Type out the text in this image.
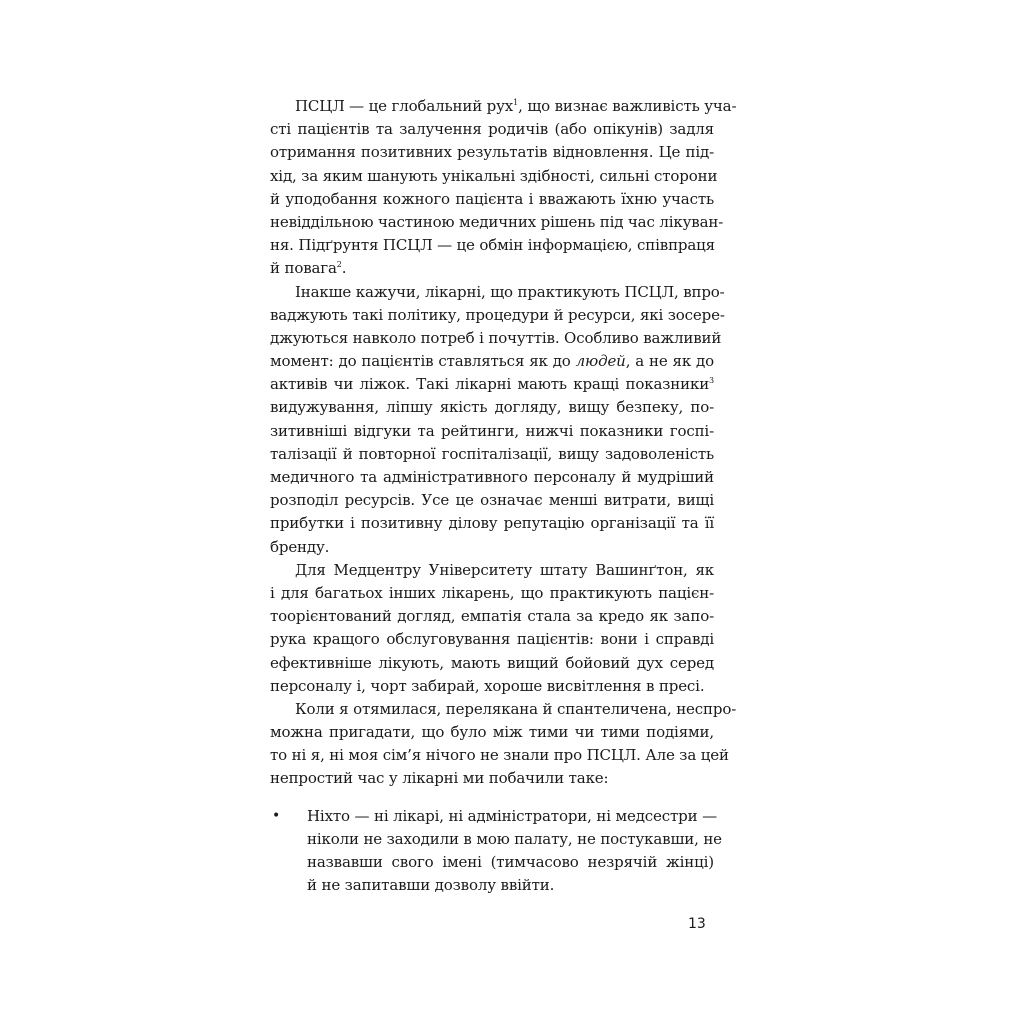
ПСЦЛ — це глобальний рух$^1$, що визнає важливість уча-
сті пацієнтів та залучення родичів (або опікунів) задля
отримання позитивних результатів відновлення. Це під-
хід, за яким шанують унікальні здібності, сильні сторони
й уподобання кожного пацієнта і вважають їхню участь
невіддільною частиною медичних рішень під час лікуван-
ня. Підґрунтя ПСЦЛ — це обмін інформацією, співпраця
й повага$^2$.
Інакше кажучи, лікарні, що практикують ПСЦЛ, впро-
ваджують такі політику, процедури й ресурси, які зосере-
джуються навколо потреб і почуттів. Особливо важливий
момент: до пацієнтів ставляться як до людей, а не як до
активів чи ліжок. Такі лікарні мають кращі показники$^3$
видужування, ліпшу якість догляду, вищу безпеку, по-
зитивніші відгуки та рейтинги, нижчі показники госпі-
талізації й повторної госпіталізації, вищу задоволеність
медичного та адміністративного персоналу й мудріший
розподіл ресурсів. Усе це означає менші витрати, вищі
прибутки і позитивну ділову репутацію організації та її
бренду.
Для Медцентру Університету штату Вашинґтон, як
і для багатьох інших лікарень, що практикують пацієн-
тоорієнтований догляд, емпатія стала за кредо як запо-
рука кращого обслуговування пацієнтів: вони і справді
ефективніше лікують, мають вищий бойовий дух серед
персоналу і, чорт забирай, хороше висвітлення в пресі.
Коли я отямилася, перелякана й спантеличена, неспро-
можна пригадати, що було між тими чи тими подіями,
то ні я, ні моя сім’я нічого не знали про ПСЦЛ. Але за цей
непростий час у лікарні ми побачили таке:
• Ніхто — ні лікарі, ні адміністратори, ні медсестри —
ніколи не заходили в мою палату, не постукавши, не
назвавши свого імені (тимчасово незрячій жінці)
й не запитавши дозволу ввійти.
13
